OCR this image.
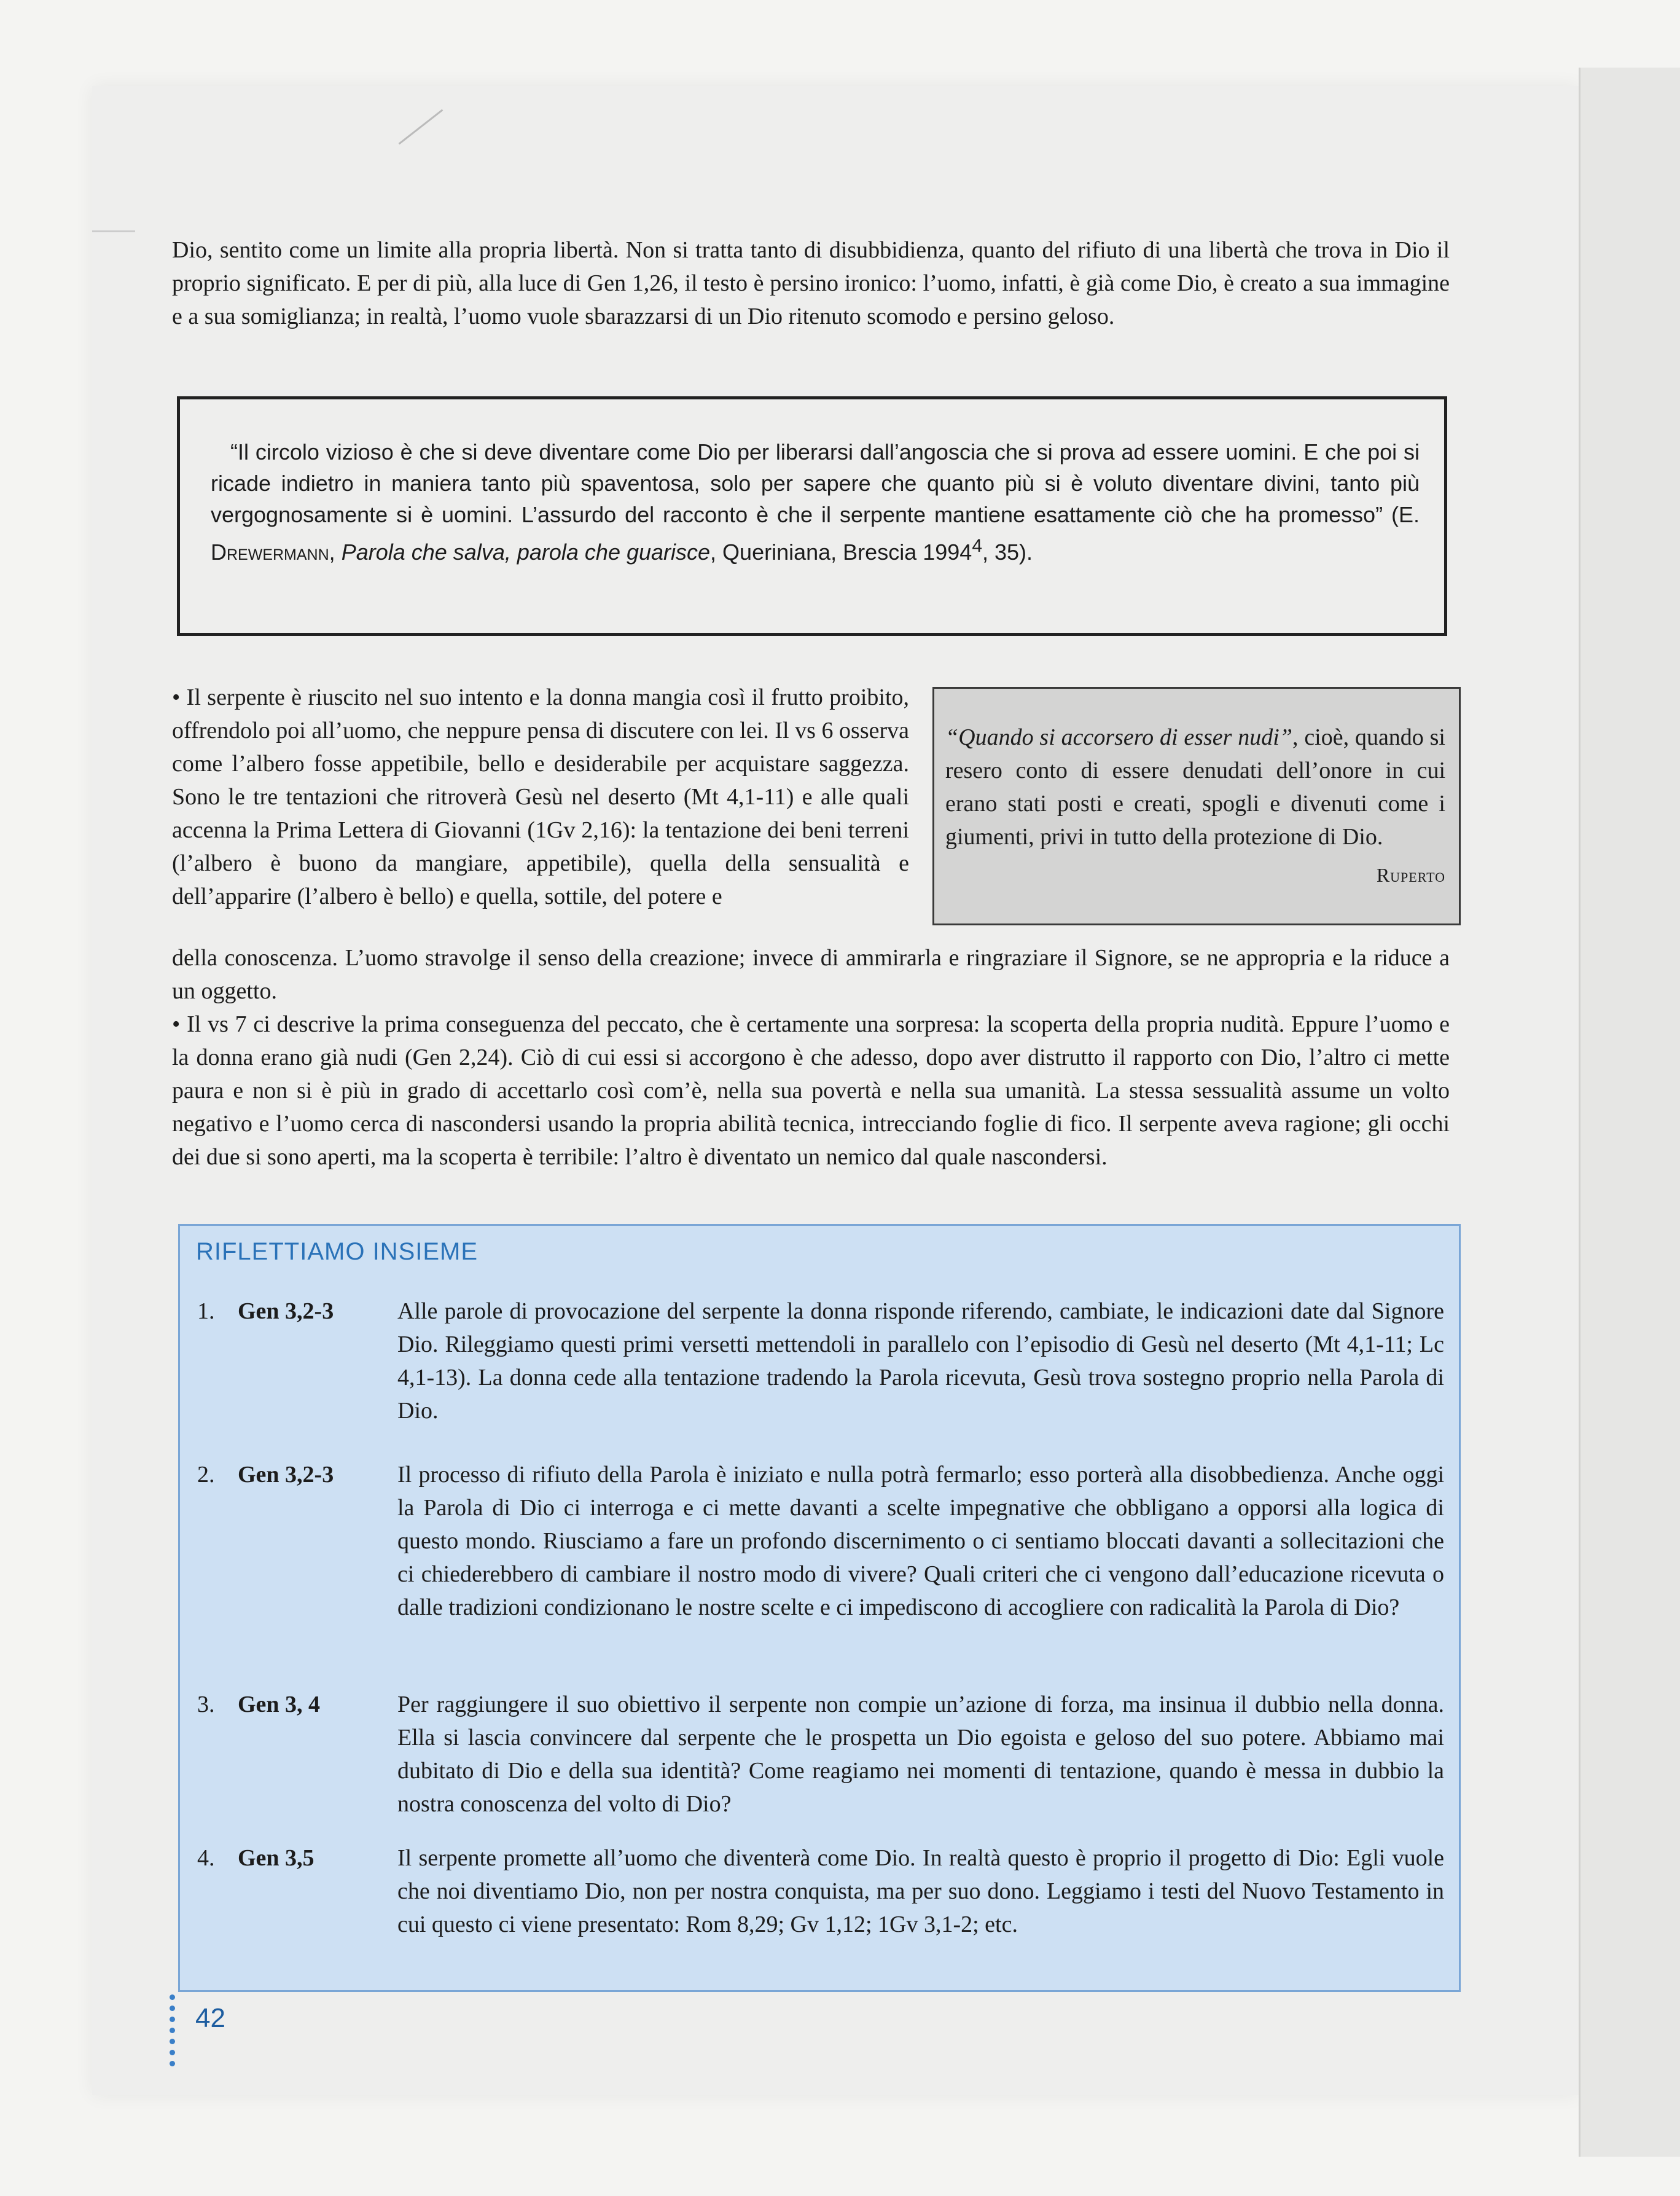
Dio, sentito come un limite alla propria libertà. Non si tratta tanto di disubbidienza, quanto del rifiuto di una libertà che trova in Dio il proprio significato. E per di più, alla luce di Gen 1,26, il testo è persino ironico: l’uomo, infatti, è già come Dio, è creato a sua immagine e a sua somiglianza; in realtà, l’uomo vuole sbarazzarsi di un Dio ritenuto scomodo e persino geloso.

“Il circolo vizioso è che si deve diventare come Dio per liberarsi dall’angoscia che si prova ad essere uomini. E che poi si ricade indietro in maniera tanto più spaventosa, solo per sapere che quanto più si è voluto diventare divini, tanto più vergognosamente si è uomini. L’assurdo del racconto è che il serpente mantiene esattamente ciò che ha promesso” (E. Drewermann, Parola che salva, parola che guarisce, Queriniana, Brescia 1994$^4$, 35).

• Il serpente è riuscito nel suo intento e la donna mangia così il frutto proibito, offrendolo poi all’uomo, che neppure pensa di discutere con lei. Il vs 6 osserva come l’albero fosse appetibile, bello e desiderabile per acquistare saggezza. Sono le tre tentazioni che ritroverà Gesù nel deserto (Mt 4,1-11) e alle quali accenna la Prima Lettera di Giovanni (1Gv 2,16): la tentazione dei beni terreni (l’albero è buono da mangiare, appetibile), quella della sensualità e dell’apparire (l’albero è bello) e quella, sottile, del potere e

“Quando si accorsero di esser nudi”, cioè, quando si resero conto di essere denudati dell’onore in cui erano stati posti e creati, spogli e divenuti come i giumenti, privi in tutto della protezione di Dio.

Ruperto

della conoscenza. L’uomo stravolge il senso della creazione; invece di ammirarla e ringraziare il Signore, se ne appropria e la riduce a un oggetto.

• Il vs 7 ci descrive la prima conseguenza del peccato, che è certamente una sorpresa: la scoperta della propria nudità. Eppure l’uomo e la donna erano già nudi (Gen 2,24). Ciò di cui essi si accorgono è che adesso, dopo aver distrutto il rapporto con Dio, l’altro ci mette paura e non si è più in grado di accettarlo così com’è, nella sua povertà e nella sua umanità. La stessa sessualità assume un volto negativo e l’uomo cerca di nascondersi usando la propria abilità tecnica, intrecciando foglie di fico. Il serpente aveva ragione; gli occhi dei due si sono aperti, ma la scoperta è terribile: l’altro è diventato un nemico dal quale nascondersi.

RIFLETTIAMO INSIEME
1. Gen 3,2-3	Alle parole di provocazione del serpente la donna risponde riferendo, cambiate, le indicazioni date dal Signore Dio. Rileggiamo questi primi versetti mettendoli in parallelo con l’episodio di Gesù nel deserto (Mt 4,1-11; Lc 4,1-13). La donna cede alla tentazione tradendo la Parola ricevuta, Gesù trova sostegno proprio nella Parola di Dio.
2. Gen 3,2-3	Il processo di rifiuto della Parola è iniziato e nulla potrà fermarlo; esso porterà alla disobbedienza. Anche oggi la Parola di Dio ci interroga e ci mette davanti a scelte impegnative che obbligano a opporsi alla logica di questo mondo. Riusciamo a fare un profondo discernimento o ci sentiamo bloccati davanti a sollecitazioni che ci chiederebbero di cambiare il nostro modo di vivere? Quali criteri che ci vengono dall’educazione ricevuta o dalle tradizioni condizionano le nostre scelte e ci impediscono di accogliere con radicalità la Parola di Dio?
3. Gen 3, 4	Per raggiungere il suo obiettivo il serpente non compie un’azione di forza, ma insinua il dubbio nella donna. Ella si lascia convincere dal serpente che le prospetta un Dio egoista e geloso del suo potere. Abbiamo mai dubitato di Dio e della sua identità? Come reagiamo nei momenti di tentazione, quando è messa in dubbio la nostra conoscenza del volto di Dio?
4. Gen 3,5	Il serpente promette all’uomo che diventerà come Dio. In realtà questo è proprio il progetto di Dio: Egli vuole che noi diventiamo Dio, non per nostra conquista, ma per suo dono. Leggiamo i testi del Nuovo Testamento in cui questo ci viene presentato: Rom 8,29; Gv 1,12; 1Gv 3,1-2; etc.
42
